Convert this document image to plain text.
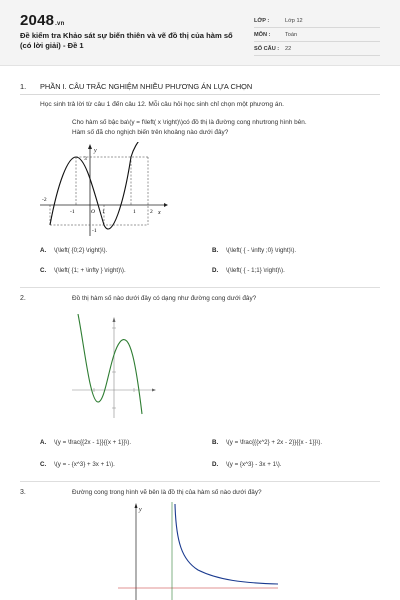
2048.vn
Đề kiểm tra Khảo sát sự biến thiên và vẽ đồ thị của hàm số (có lời giải) - Đề 1
LỚP :	Lớp 12
MÔN :	Toán
SỐ CÂU : 22
1. PHẦN I. CÂU TRẮC NGHIỆM NHIỀU PHƯƠNG ÁN LỰA CHỌN
Học sinh trả lời từ câu 1 đến câu 12. Mỗi câu hỏi học sinh chỉ chọn một phương án.
Cho hàm số bậc ba\(y = f\left( x \right)\)có đồ thị là đường cong nhưtrong hình bên.
Hàm số đã cho nghịch biến trên khoảng nào dưới đây?
y
x
O
-2
-1
3
1	2
1
-1
A. \(\left( {0;2} \right)\).	B. \(\left( { - \infty ;0} \right)\).
C. \(\left( {1; + \infty } \right)\).	D. \(\left( { - 1;1} \right)\).
2.	Đồ thị hàm số nào dưới đây có dạng như đường cong dưới đây?
A. \(y = \frac{{2x - 1}}{{x + 1}}\).	B. \(y = \frac{{{x^2} + 2x - 2}}{{x - 1}}\).
C. \(y = - {x^3} + 3x + 1\).	D. \(y = {x^3} - 3x + 1\).
3.	Đường cong trong hình vẽ bên là đồ thị của hàm số nào dưới đây?
y
